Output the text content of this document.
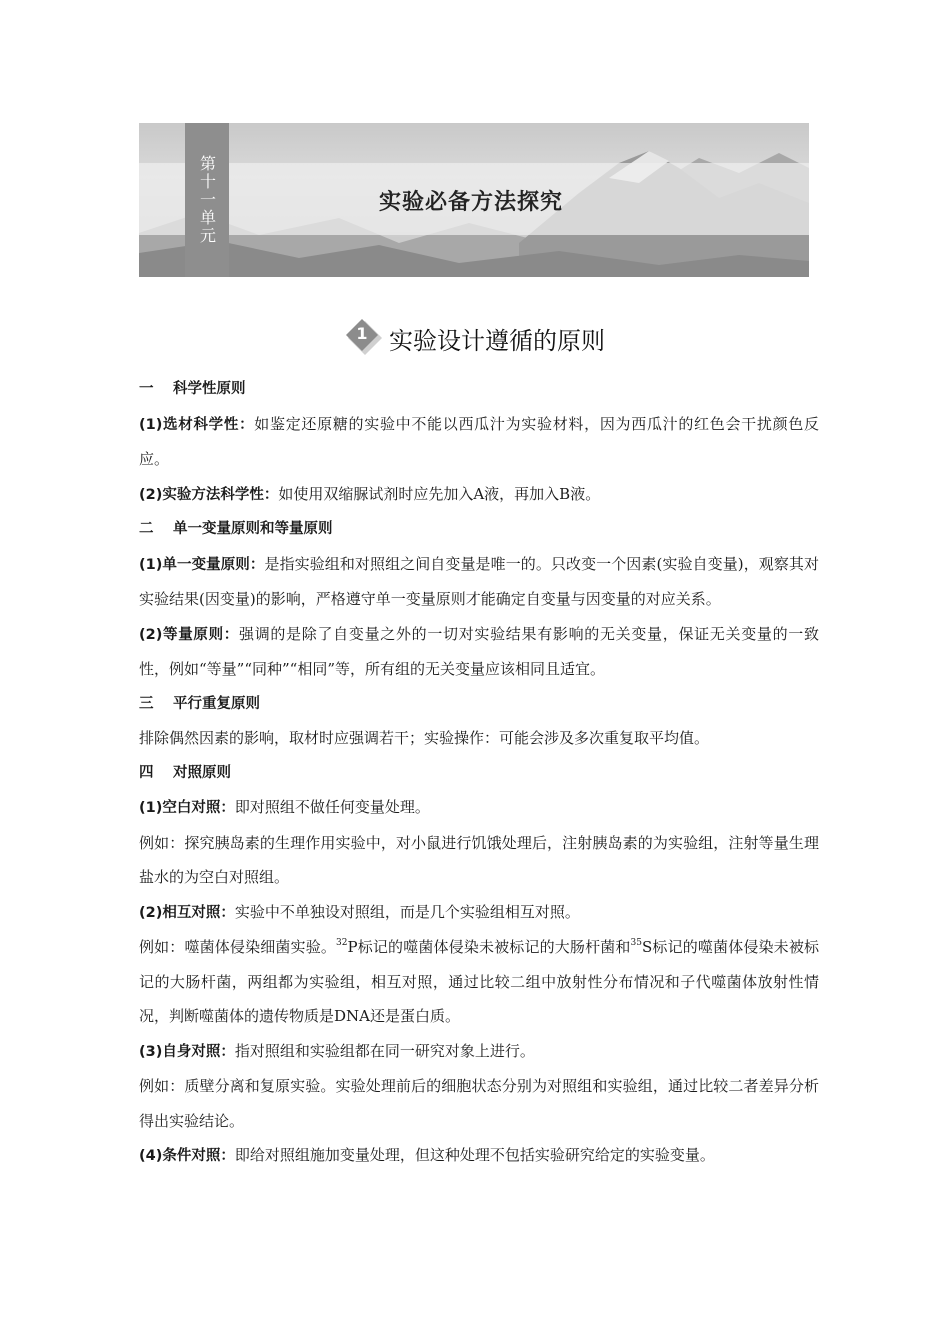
第十一单元	实验必备方法探究
1 实验设计遵循的原则

一 科学性原则

(1)选材科学性：如鉴定还原糖的实验中不能以西瓜汁为实验材料，因为西瓜汁的红色会干扰颜色反应。

(2)实验方法科学性：如使用双缩脲试剂时应先加入A液，再加入B液。

二 单一变量原则和等量原则

(1)单一变量原则：是指实验组和对照组之间自变量是唯一的。只改变一个因素(实验自变量)，观察其对实验结果(因变量)的影响，严格遵守单一变量原则才能确定自变量与因变量的对应关系。

(2)等量原则：强调的是除了自变量之外的一切对实验结果有影响的无关变量，保证无关变量的一致性，例如“等量”“同种”“相同”等，所有组的无关变量应该相同且适宜。

三 平行重复原则

排除偶然因素的影响，取材时应强调若干；实验操作：可能会涉及多次重复取平均值。

四 对照原则

(1)空白对照：即对照组不做任何变量处理。

例如：探究胰岛素的生理作用实验中，对小鼠进行饥饿处理后，注射胰岛素的为实验组，注射等量生理盐水的为空白对照组。

(2)相互对照：实验中不单独设对照组，而是几个实验组相互对照。

例如：噬菌体侵染细菌实验。$^{32}$P标记的噬菌体侵染未被标记的大肠杆菌和$^{35}$S标记的噬菌体侵染未被标记的大肠杆菌，两组都为实验组，相互对照，通过比较二组中放射性分布情况和子代噬菌体放射性情况，判断噬菌体的遗传物质是DNA还是蛋白质。

(3)自身对照：指对照组和实验组都在同一研究对象上进行。

例如：质壁分离和复原实验。实验处理前后的细胞状态分别为对照组和实验组，通过比较二者差异分析得出实验结论。

(4)条件对照：即给对照组施加变量处理，但这种处理不包括实验研究给定的实验变量。
